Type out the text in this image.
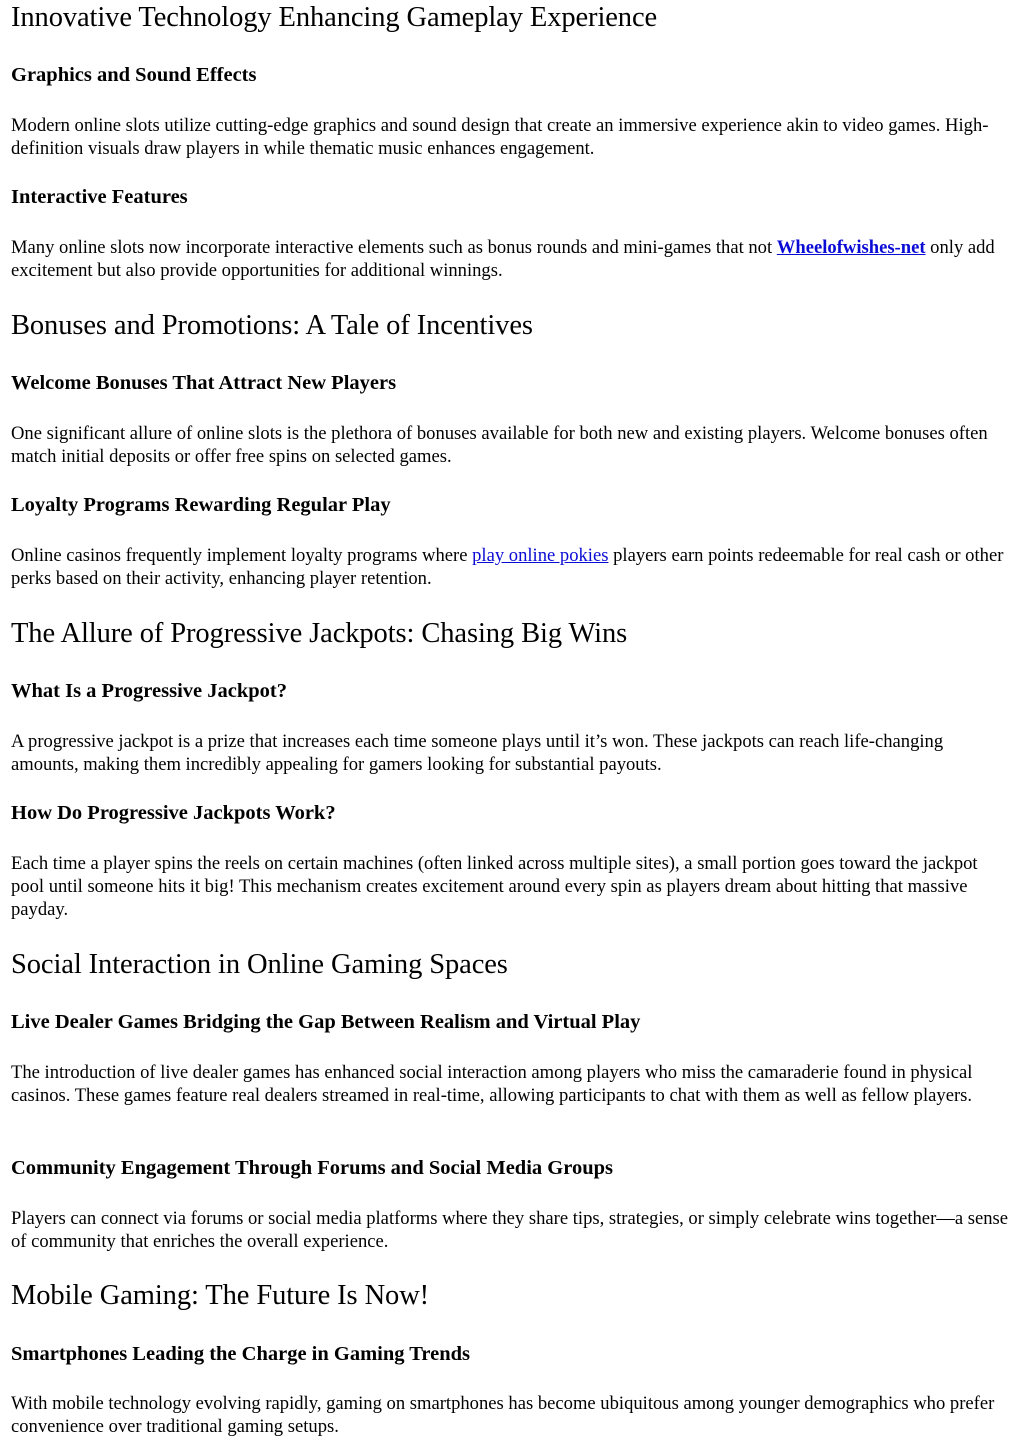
Innovative Technology Enhancing Gameplay Experience
Graphics and Sound Effects

Modern online slots utilize cutting-edge graphics and sound design that create an immersive experience akin to video games. High-definition visuals draw players in while thematic music enhances engagement.

Interactive Features

Many online slots now incorporate interactive elements such as bonus rounds and mini-games that not Wheelofwishes-net only add excitement but also provide opportunities for additional winnings.

Bonuses and Promotions: A Tale of Incentives
Welcome Bonuses That Attract New Players

One significant allure of online slots is the plethora of bonuses available for both new and existing players. Welcome bonuses often match initial deposits or offer free spins on selected games.

Loyalty Programs Rewarding Regular Play

Online casinos frequently implement loyalty programs where play online pokies players earn points redeemable for real cash or other perks based on their activity, enhancing player retention.

The Allure of Progressive Jackpots: Chasing Big Wins
What Is a Progressive Jackpot?

A progressive jackpot is a prize that increases each time someone plays until it’s won. These jackpots can reach life-changing amounts, making them incredibly appealing for gamers looking for substantial payouts.

How Do Progressive Jackpots Work?

Each time a player spins the reels on certain machines (often linked across multiple sites), a small portion goes toward the jackpot pool until someone hits it big! This mechanism creates excitement around every spin as players dream about hitting that massive payday.

Social Interaction in Online Gaming Spaces
Live Dealer Games Bridging the Gap Between Realism and Virtual Play

The introduction of live dealer games has enhanced social interaction among players who miss the camaraderie found in physical casinos. These games feature real dealers streamed in real-time, allowing participants to chat with them as well as fellow players.

Community Engagement Through Forums and Social Media Groups

Players can connect via forums or social media platforms where they share tips, strategies, or simply celebrate wins together—a sense of community that enriches the overall experience.

Mobile Gaming: The Future Is Now!
Smartphones Leading the Charge in Gaming Trends

With mobile technology evolving rapidly, gaming on smartphones has become ubiquitous among younger demographics who prefer convenience over traditional gaming setups.
